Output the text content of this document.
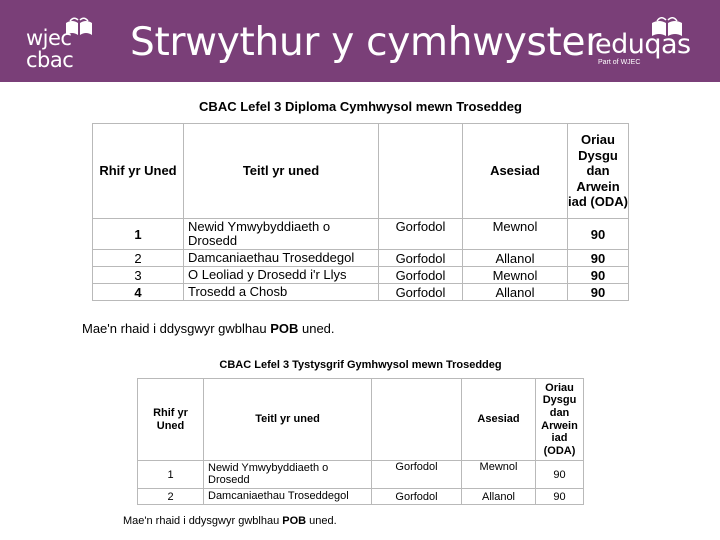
wjec
cbac Strwythur y cymhwyster
eduqas
Part of WJEC
CBAC Lefel 3 Diploma Cymhwysol mewn Troseddeg				
Rhif yr Uned	Teitl yr uned		Asesiad	Oriau Dysgu dan Arwein iad (ODA)
1	Newid Ymwybyddiaeth o Drosedd	Gorfodol	Mewnol	90
2	Damcaniaethau Troseddegol	Gorfodol	Allanol	90
3	O Leoliad y Drosedd i'r Llys	Gorfodol	Mewnol	90
4	Trosedd a Chosb	Gorfodol	Allanol	90
Mae'n rhaid i ddysgwyr gwblhau POB uned.
CBAC Lefel 3 Tystysgrif Gymhwysol mewn Troseddeg				
Rhif yr Uned	Teitl yr uned		Asesiad	Oriau Dysgu dan Arwein iad (ODA)
1	Newid Ymwybyddiaeth o Drosedd	Gorfodol	Mewnol	90
2	Damcaniaethau Troseddegol	Gorfodol	Allanol	90
Mae'n rhaid i ddysgwyr gwblhau POB uned.
